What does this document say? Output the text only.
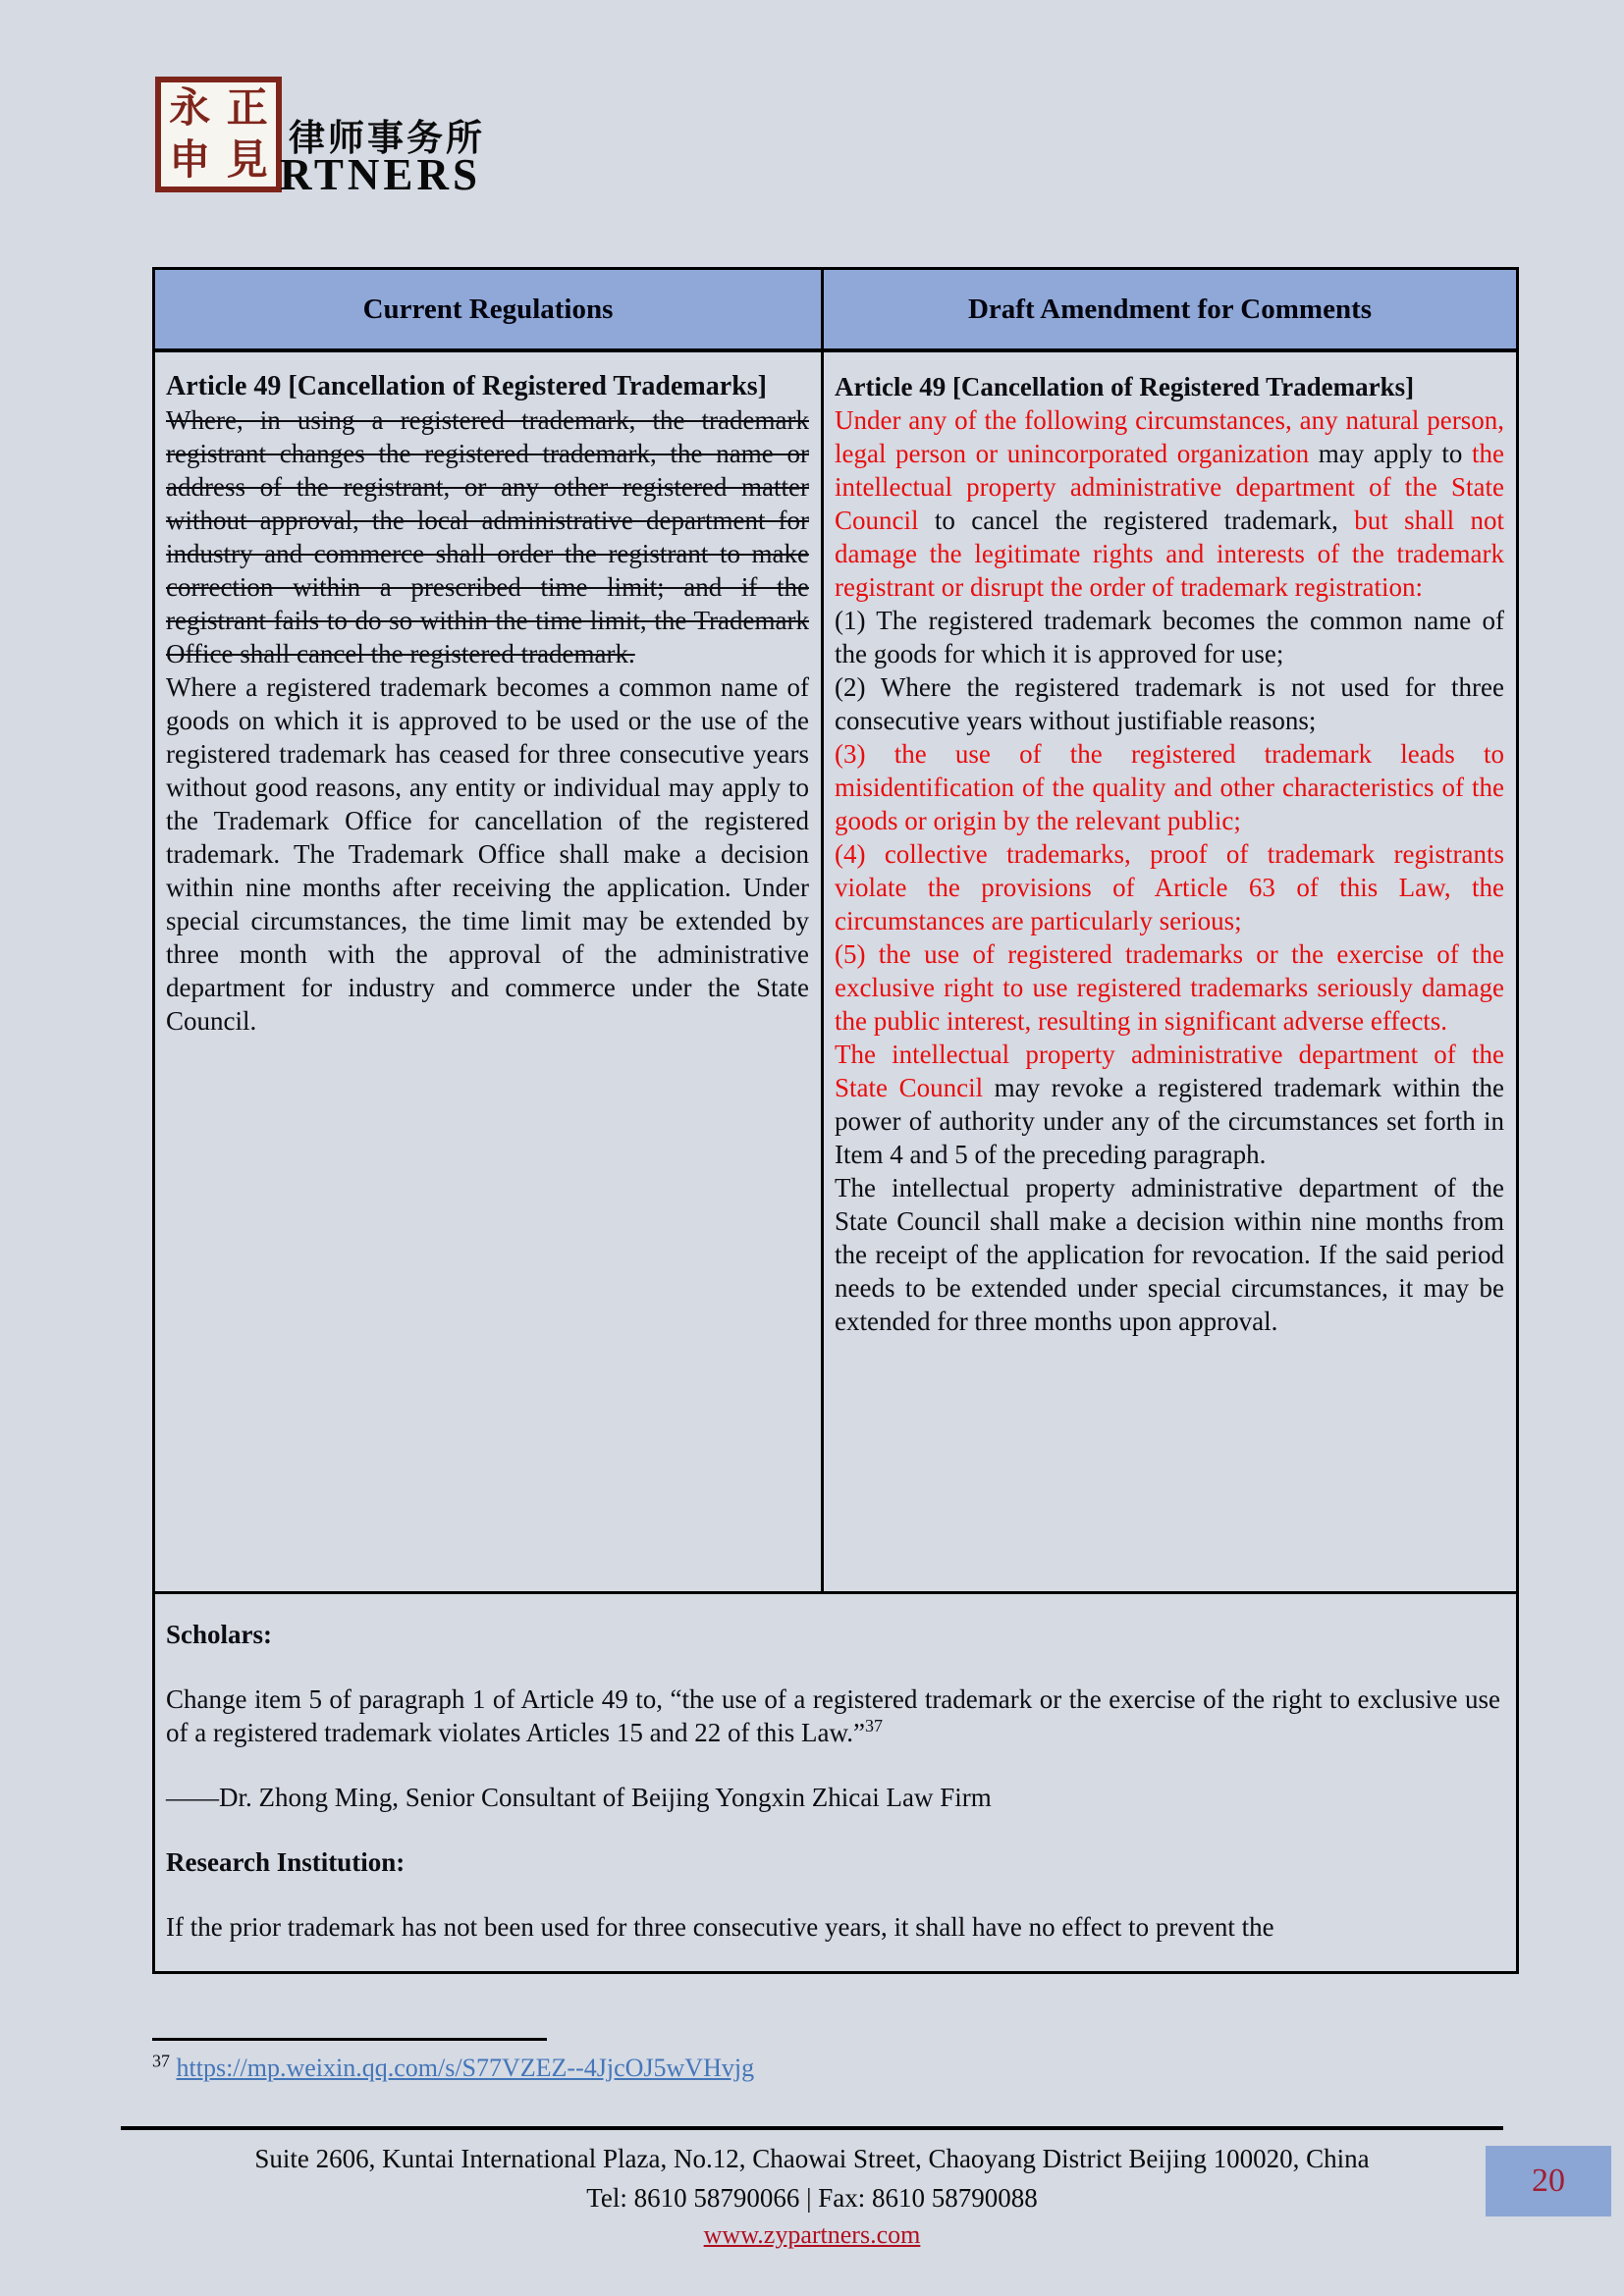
永 正
申 見 律师事务所
RTNERS
Current Regulations	Draft Amendment for Comments

Article 49 [Cancellation of Registered Trademarks]

Where, in using a registered trademark, the trademark registrant changes the registered trademark, the name or address of the registrant, or any other registered matter without approval, the local administrative department for industry and commerce shall order the registrant to make correction within a prescribed time limit; and if the registrant fails to do so within the time limit, the Trademark Office shall cancel the registered trademark.

Where a registered trademark becomes a common name of goods on which it is approved to be used or the use of the registered trademark has ceased for three consecutive years without good reasons, any entity or individual may apply to the Trademark Office for cancellation of the registered trademark. The Trademark Office shall make a decision within nine months after receiving the application. Under special circumstances, the time limit may be extended by three month with the approval of the administrative department for industry and commerce under the State Council.

Article 49 [Cancellation of Registered Trademarks]

Under any of the following circumstances, any natural person, legal person or unincorporated organization may apply to the intellectual property administrative department of the State Council to cancel the registered trademark, but shall not damage the legitimate rights and interests of the trademark registrant or disrupt the order of trademark registration:

(1) The registered trademark becomes the common name of the goods for which it is approved for use;

(2) Where the registered trademark is not used for three consecutive years without justifiable reasons;

(3) the use of the registered trademark leads to misidentification of the quality and other characteristics of the goods or origin by the relevant public;

(4) collective trademarks, proof of trademark registrants violate the provisions of Article 63 of this Law, the circumstances are particularly serious;

(5) the use of registered trademarks or the exercise of the exclusive right to use registered trademarks seriously damage the public interest, resulting in significant adverse effects.

The intellectual property administrative department of the State Council may revoke a registered trademark within the power of authority under any of the circumstances set forth in Item 4 and 5 of the preceding paragraph.

The intellectual property administrative department of the State Council shall make a decision within nine months from the receipt of the application for revocation. If the said period needs to be extended under special circumstances, it may be extended for three months upon approval.

Scholars:

Change item 5 of paragraph 1 of Article 49 to, “the use of a registered trademark or the exercise of the right to exclusive use of a registered trademark violates Articles 15 and 22 of this Law.”$^{37}$

——Dr. Zhong Ming, Senior Consultant of Beijing Yongxin Zhicai Law Firm

Research Institution:

If the prior trademark has not been used for three consecutive years, it shall have no effect to prevent the

$^{37}$ https://mp.weixin.qq.com/s/S77VZEZ--4JjcOJ5wVHvjg
Suite 2606, Kuntai International Plaza, No.12, Chaowai Street, Chaoyang District Beijing 100020, China
Tel: 8610 58790066 | Fax: 8610 58790088
www.zypartners.com
20
